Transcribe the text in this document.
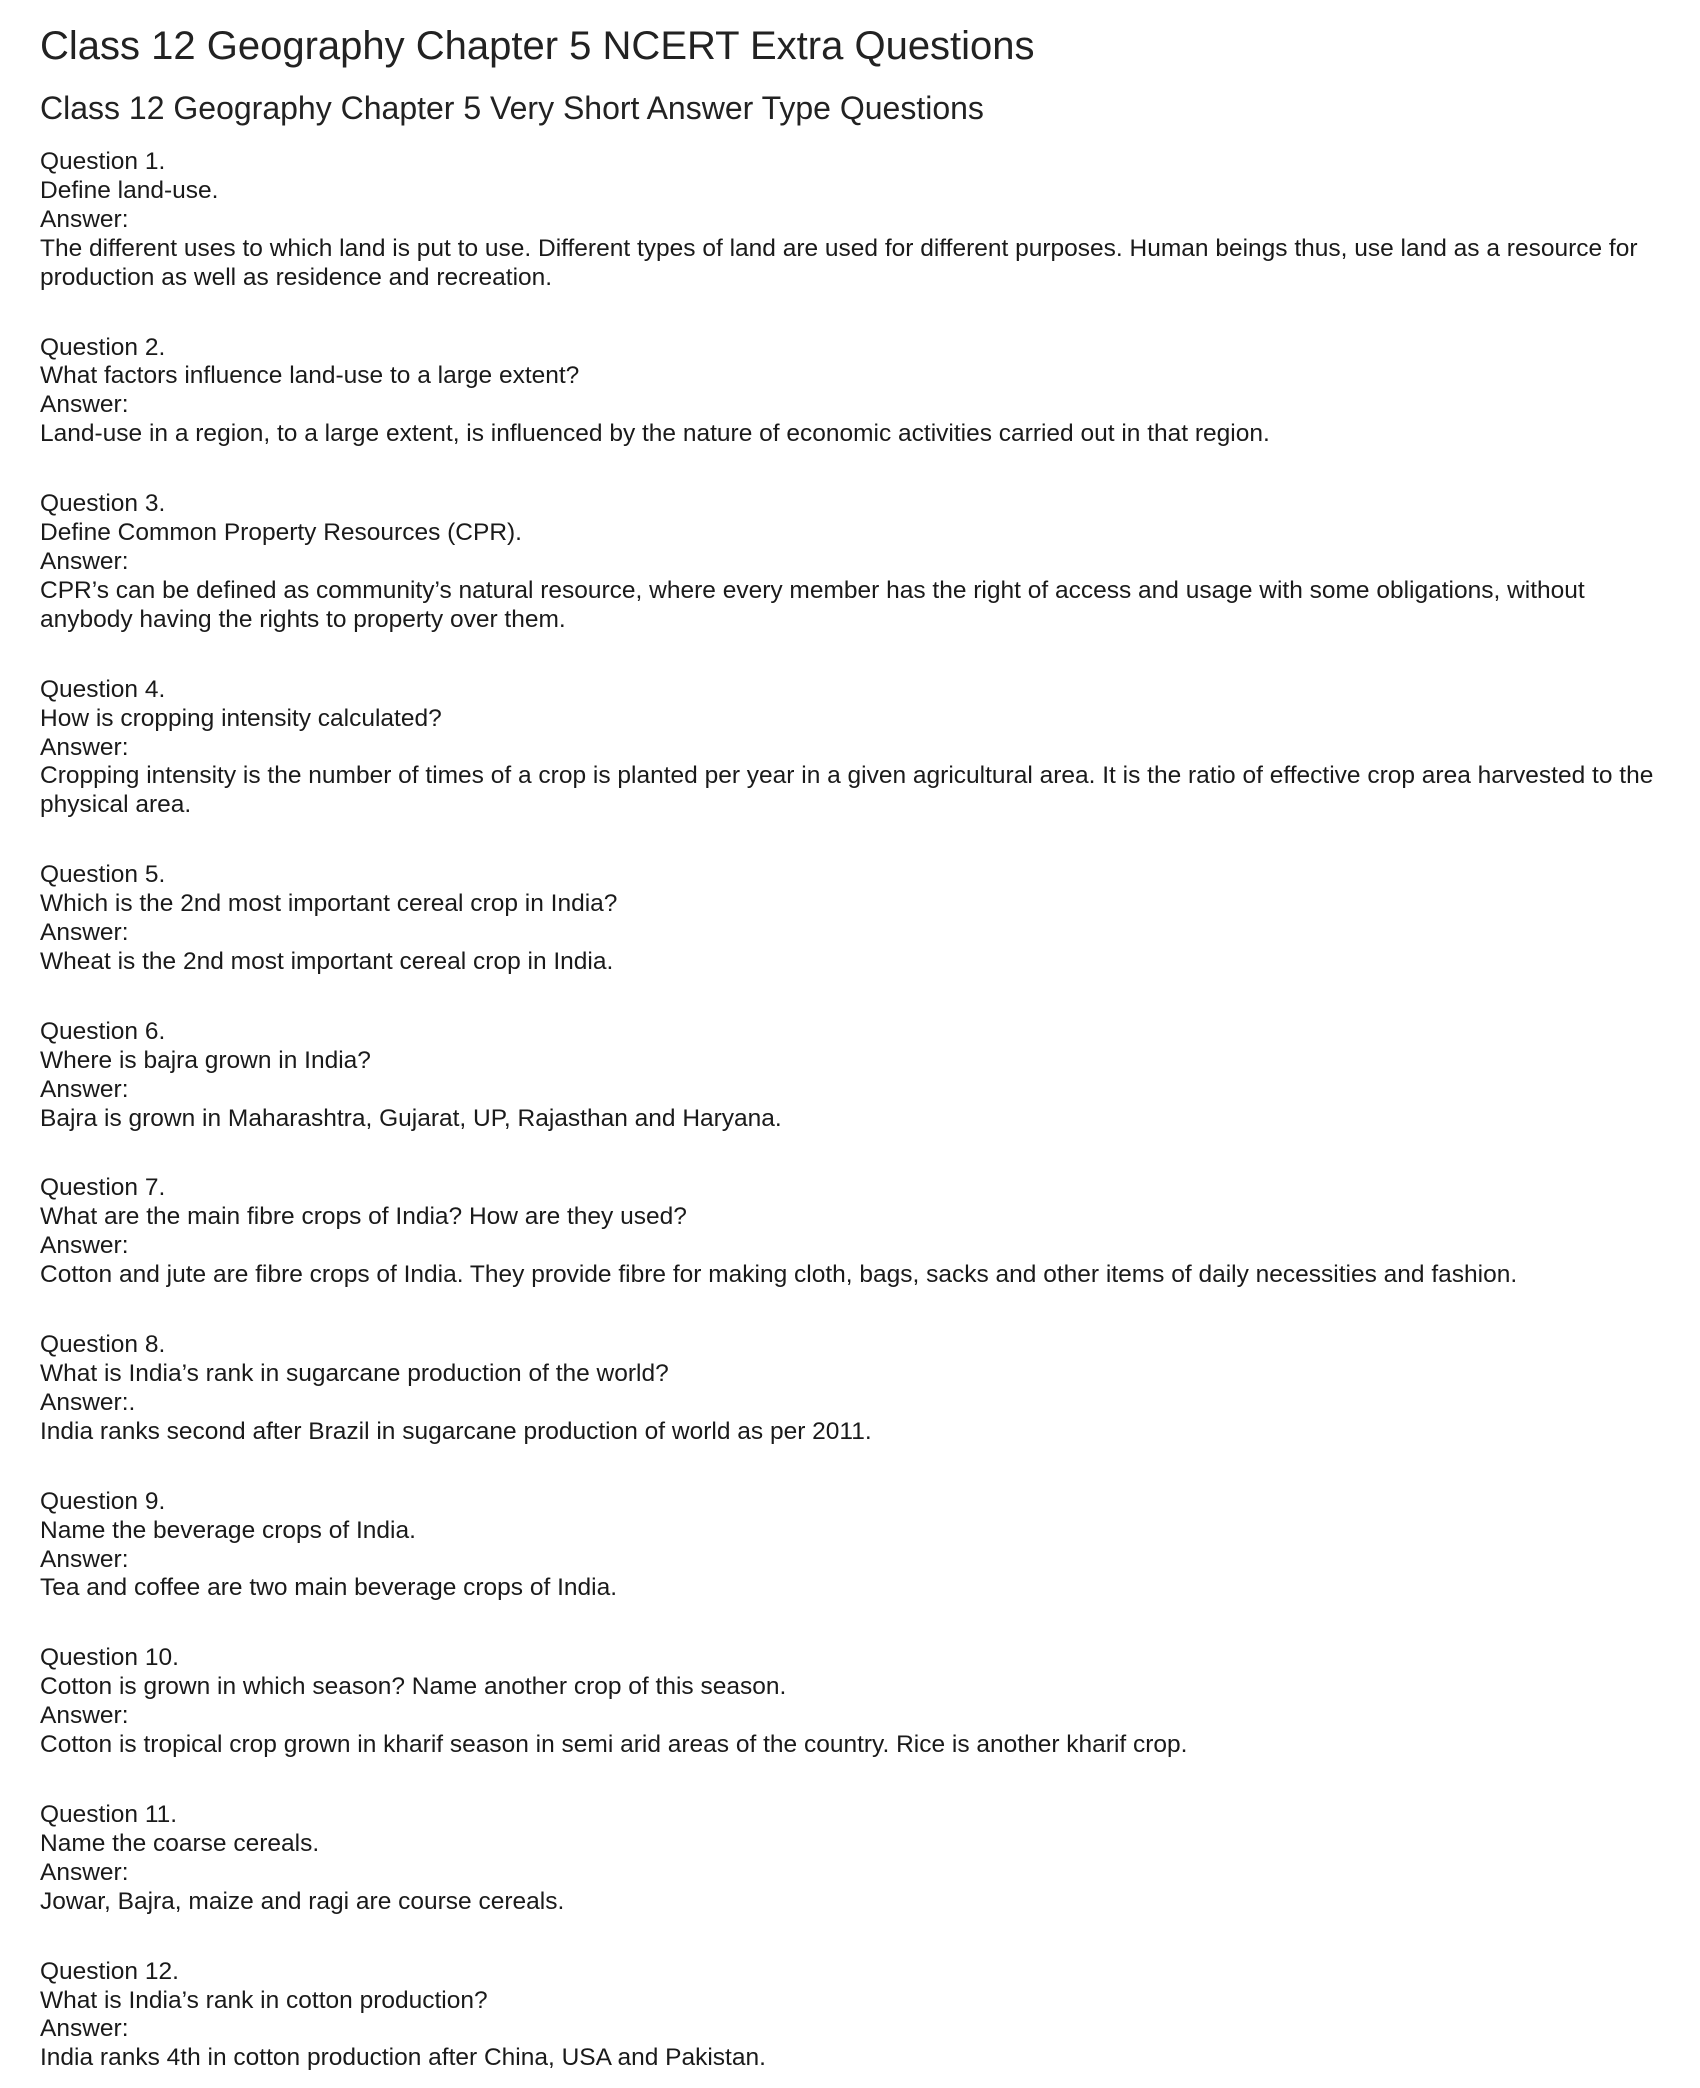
Class 12 Geography Chapter 5 NCERT Extra Questions
Class 12 Geography Chapter 5 Very Short Answer Type Questions
Question 1.
Define land-use.
Answer:
The different uses to which land is put to use. Different types of land are used for different purposes. Human beings thus, use land as a resource for production as well as residence and recreation.
Question 2.
What factors influence land-use to a large extent?
Answer:
Land-use in a region, to a large extent, is influenced by the nature of economic activities carried out in that region.
Question 3.
Define Common Property Resources (CPR).
Answer:
CPR’s can be defined as community’s natural resource, where every member has the right of access and usage with some obligations, without anybody having the rights to property over them.
Question 4.
How is cropping intensity calculated?
Answer:
Cropping intensity is the number of times of a crop is planted per year in a given agricultural area. It is the ratio of effective crop area harvested to the physical area.
Question 5.
Which is the 2nd most important cereal crop in India?
Answer:
Wheat is the 2nd most important cereal crop in India.
Question 6.
Where is bajra grown in India?
Answer:
Bajra is grown in Maharashtra, Gujarat, UP, Rajasthan and Haryana.
Question 7.
What are the main fibre crops of India? How are they used?
Answer:
Cotton and jute are fibre crops of India. They provide fibre for making cloth, bags, sacks and other items of daily necessities and fashion.
Question 8.
What is India’s rank in sugarcane production of the world?
Answer:.
India ranks second after Brazil in sugarcane production of world as per 2011.
Question 9.
Name the beverage crops of India.
Answer:
Tea and coffee are two main beverage crops of India.
Question 10.
Cotton is grown in which season? Name another crop of this season.
Answer:
Cotton is tropical crop grown in kharif season in semi arid areas of the country. Rice is another kharif crop.
Question 11.
Name the coarse cereals.
Answer:
Jowar, Bajra, maize and ragi are course cereals.
Question 12.
What is India’s rank in cotton production?
Answer:
India ranks 4th in cotton production after China, USA and Pakistan.
